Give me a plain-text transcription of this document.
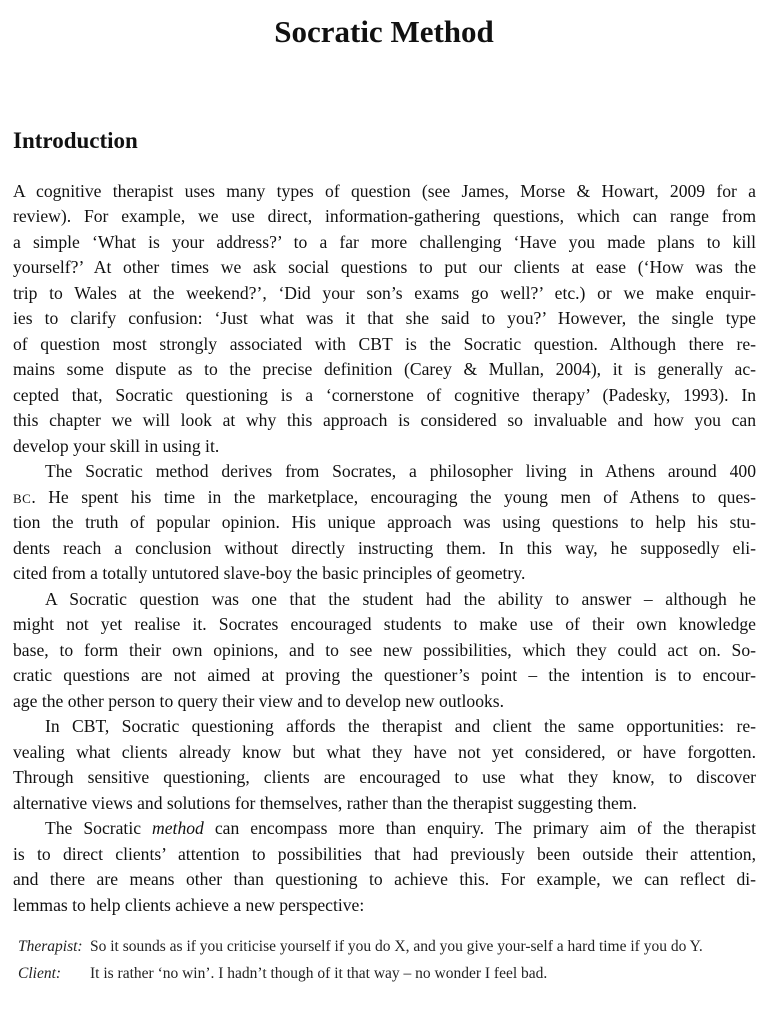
Socratic Method
Introduction
A cognitive therapist uses many types of question (see James, Morse & Howart, 2009 for a
review). For example, we use direct, information-gathering questions, which can range from
a simple ‘What is your address?’ to a far more challenging ‘Have you made plans to kill
yourself?’ At other times we ask social questions to put our clients at ease (‘How was the
trip to Wales at the weekend?’, ‘Did your son’s exams go well?’ etc.) or we make enquir-
ies to clarify confusion: ‘Just what was it that she said to you?’ However, the single type
of question most strongly associated with CBT is the Socratic question. Although there re-
mains some dispute as to the precise definition (Carey & Mullan, 2004), it is generally ac-
cepted that, Socratic questioning is a ‘cornerstone of cognitive therapy’ (Padesky, 1993). In
this chapter we will look at why this approach is considered so invaluable and how you can
develop your skill in using it.
The Socratic method derives from Socrates, a philosopher living in Athens around 400
BC. He spent his time in the marketplace, encouraging the young men of Athens to ques-
tion the truth of popular opinion. His unique approach was using questions to help his stu-
dents reach a conclusion without directly instructing them. In this way, he supposedly eli-
cited from a totally untutored slave-boy the basic principles of geometry.
A Socratic question was one that the student had the ability to answer – although he
might not yet realise it. Socrates encouraged students to make use of their own knowledge
base, to form their own opinions, and to see new possibilities, which they could act on. So-
cratic questions are not aimed at proving the questioner’s point – the intention is to encour-
age the other person to query their view and to develop new outlooks.
In CBT, Socratic questioning affords the therapist and client the same opportunities: re-
vealing what clients already know but what they have not yet considered, or have forgotten.
Through sensitive questioning, clients are encouraged to use what they know, to discover
alternative views and solutions for themselves, rather than the therapist suggesting them.
The Socratic method can encompass more than enquiry. The primary aim of the therapist
is to direct clients’ attention to possibilities that had previously been outside their attention,
and there are means other than questioning to achieve this. For example, we can reflect di-
lemmas to help clients achieve a new perspective:
Therapist: So it sounds as if you criticise yourself if you do X, and you give your-self a hard time if you do Y.
Client: It is rather ‘no win’. I hadn’t though of it that way – no wonder I feel bad.
